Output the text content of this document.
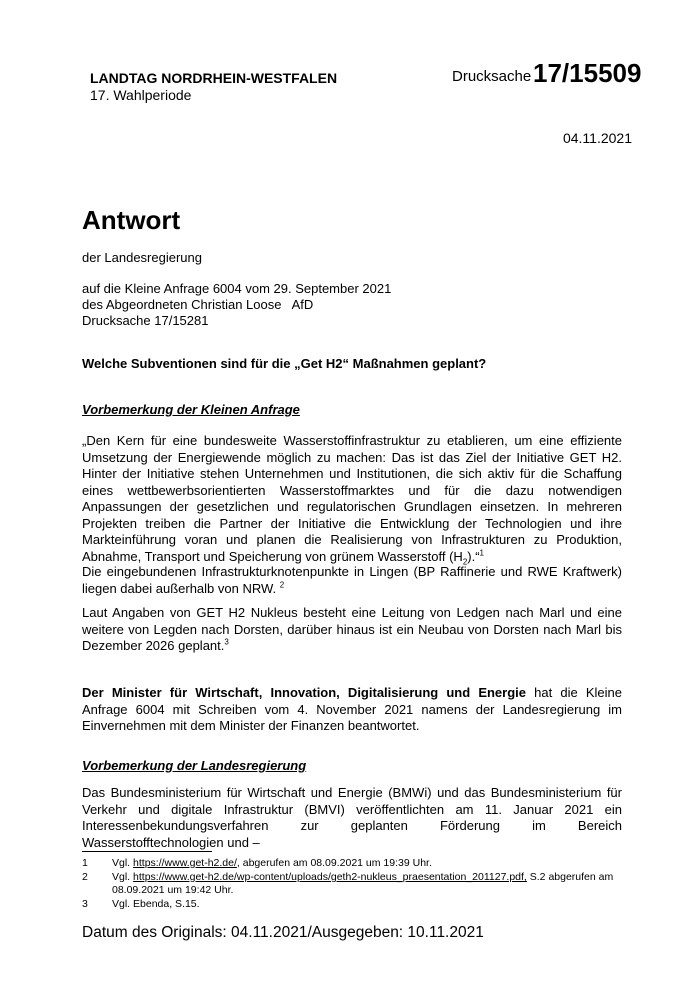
LANDTAG NORDRHEIN-WESTFALEN
17. Wahlperiode
Drucksache 17/15509
04.11.2021
Antwort
der Landesregierung
auf die Kleine Anfrage 6004 vom 29. September 2021
des Abgeordneten Christian Loose   AfD
Drucksache 17/15281
Welche Subventionen sind für die „Get H2“ Maßnahmen geplant?
Vorbemerkung der Kleinen Anfrage
„Den Kern für eine bundesweite Wasserstoffinfrastruktur zu etablieren, um eine effiziente Umsetzung der Energiewende möglich zu machen: Das ist das Ziel der Initiative GET H2. Hinter der Initiative stehen Unternehmen und Institutionen, die sich aktiv für die Schaffung eines wettbewerbsorientierten Wasserstoffmarktes und für die dazu notwendigen Anpassungen der gesetzlichen und regulatorischen Grundlagen einsetzen. In mehreren Projekten treiben die Partner der Initiative die Entwicklung der Technologien und ihre Markteinführung voran und planen die Realisierung von Infrastrukturen zu Produktion, Abnahme, Transport und Speicherung von grünem Wasserstoff $(H_2).“^1$
Die eingebundenen Infrastrukturknotenpunkte in Lingen (BP Raffinerie und RWE Kraftwerk) liegen dabei außerhalb von NRW. $^2$
Laut Angaben von GET H2 Nukleus besteht eine Leitung von Ledgen nach Marl und eine weitere von Legden nach Dorsten, darüber hinaus ist ein Neubau von Dorsten nach Marl bis Dezember 2026 geplant.$^3$
Der Minister für Wirtschaft, Innovation, Digitalisierung und Energie hat die Kleine Anfrage 6004 mit Schreiben vom 4. November 2021 namens der Landesregierung im Einvernehmen mit dem Minister der Finanzen beantwortet.
Vorbemerkung der Landesregierung
Das Bundesministerium für Wirtschaft und Energie (BMWi) und das Bundesministerium für Verkehr und digitale Infrastruktur (BMVI) veröffentlichten am 11. Januar 2021 ein Interessenbekundungsverfahren zur geplanten Förderung im Bereich Wasserstofftechnologien und –
1 Vgl. https://www.get-h2.de/, abgerufen am 08.09.2021 um 19:39 Uhr.
2 Vgl. https://www.get-h2.de/wp-content/uploads/geth2-nukleus_praesentation_201127.pdf, S.2 abgerufen am 08.09.2021 um 19:42 Uhr.
3 Vgl. Ebenda, S.15.
Datum des Originals: 04.11.2021/Ausgegeben: 10.11.2021
